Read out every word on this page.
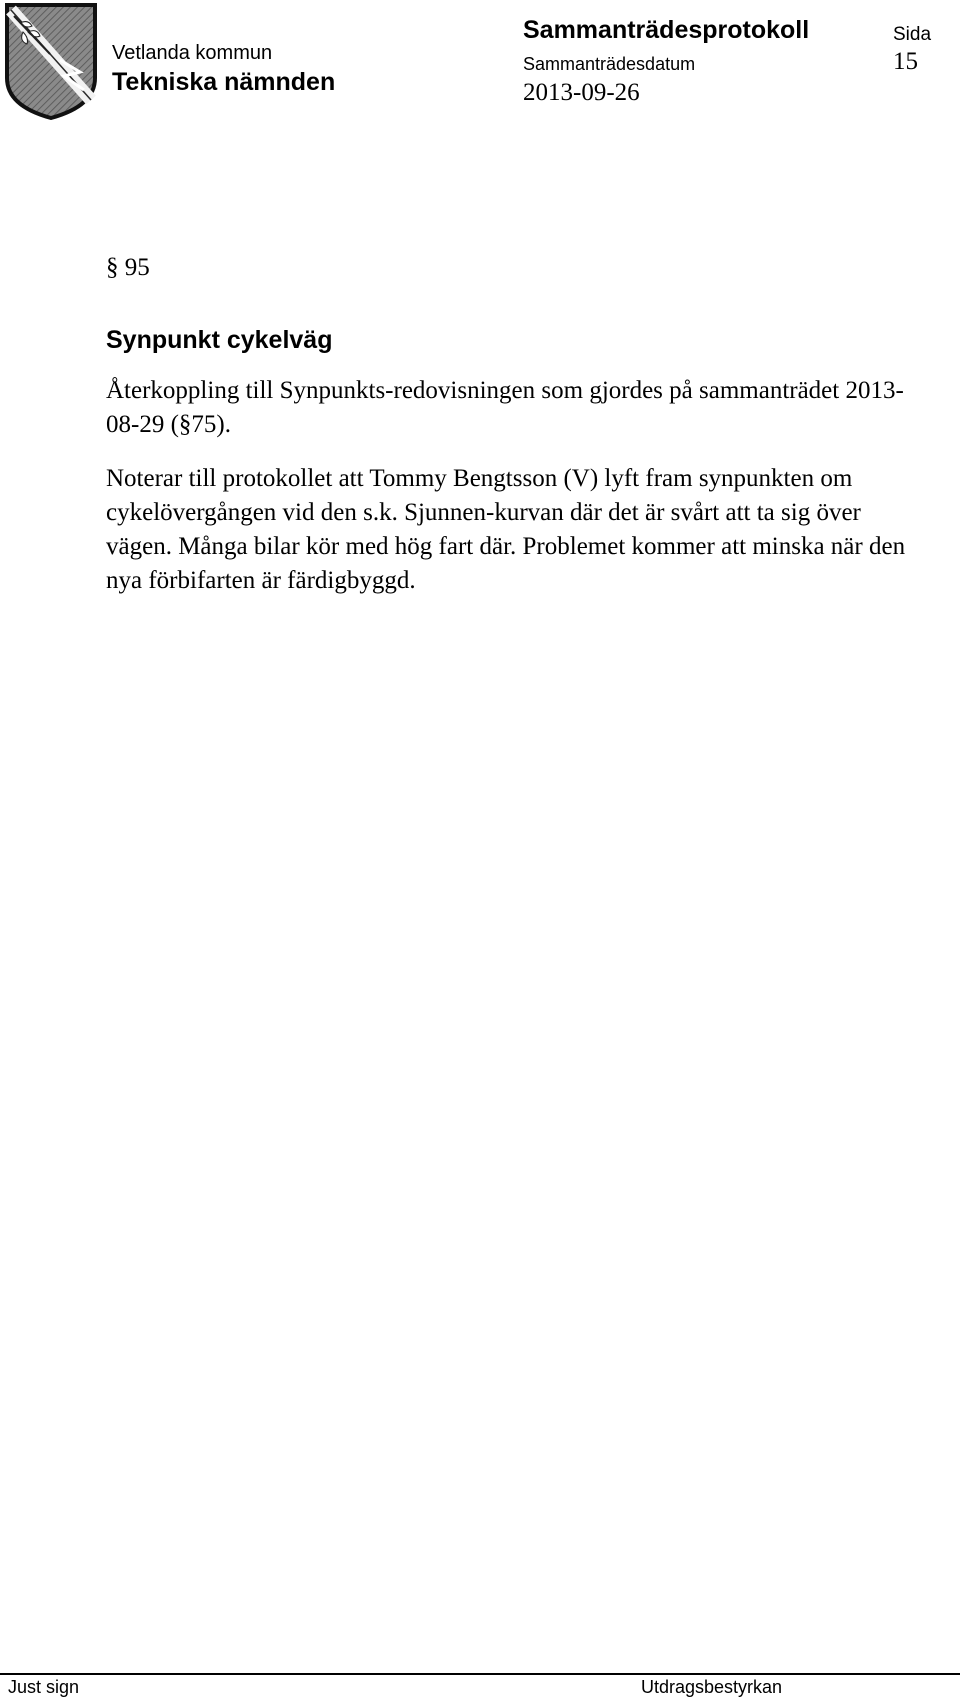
Vetlanda kommun
Tekniska nämnden
Sammanträdesprotokoll
Sammanträdesdatum
2013-09-26
Sida
15
§ 95
Synpunkt cykelväg

Återkoppling till Synpunkts-redovisningen som gjordes på sammanträdet 2013-08-29 (§75).

Noterar till protokollet att Tommy Bengtsson (V) lyft fram synpunkten om cykelövergången vid den s.k. Sjunnen-kurvan där det är svårt att ta sig över vägen. Många bilar kör med hög fart där. Problemet kommer att minska när den nya förbifarten är färdigbyggd.

Just sign	Utdragsbestyrkan
